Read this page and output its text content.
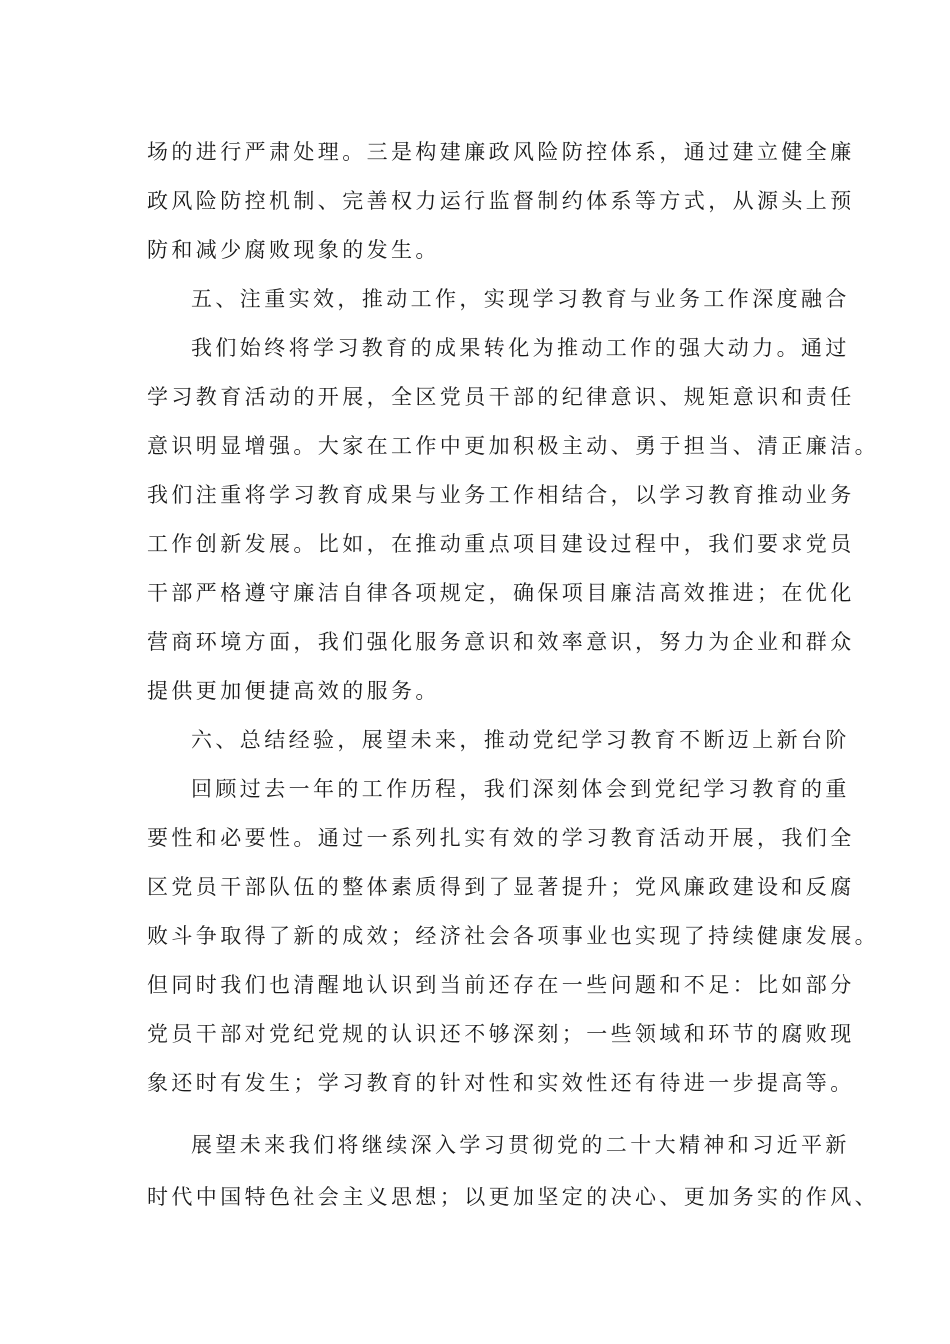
场的进行严肃处理。三是构建廉政风险防控体系，通过建立健全廉
政风险防控机制、完善权力运行监督制约体系等方式，从源头上预
防和减少腐败现象的发生。
五、注重实效，推动工作，实现学习教育与业务工作深度融合
我们始终将学习教育的成果转化为推动工作的强大动力。通过
学习教育活动的开展，全区党员干部的纪律意识、规矩意识和责任
意识明显增强。大家在工作中更加积极主动、勇于担当、清正廉洁。
我们注重将学习教育成果与业务工作相结合，以学习教育推动业务
工作创新发展。比如，在推动重点项目建设过程中，我们要求党员
干部严格遵守廉洁自律各项规定，确保项目廉洁高效推进；在优化
营商环境方面，我们强化服务意识和效率意识，努力为企业和群众
提供更加便捷高效的服务。
六、总结经验，展望未来，推动党纪学习教育不断迈上新台阶
回顾过去一年的工作历程，我们深刻体会到党纪学习教育的重
要性和必要性。通过一系列扎实有效的学习教育活动开展，我们全
区党员干部队伍的整体素质得到了显著提升；党风廉政建设和反腐
败斗争取得了新的成效；经济社会各项事业也实现了持续健康发展。
但同时我们也清醒地认识到当前还存在一些问题和不足：比如部分
党员干部对党纪党规的认识还不够深刻；一些领域和环节的腐败现
象还时有发生；学习教育的针对性和实效性还有待进一步提高等。
展望未来我们将继续深入学习贯彻党的二十大精神和习近平新
时代中国特色社会主义思想；以更加坚定的决心、更加务实的作风、
